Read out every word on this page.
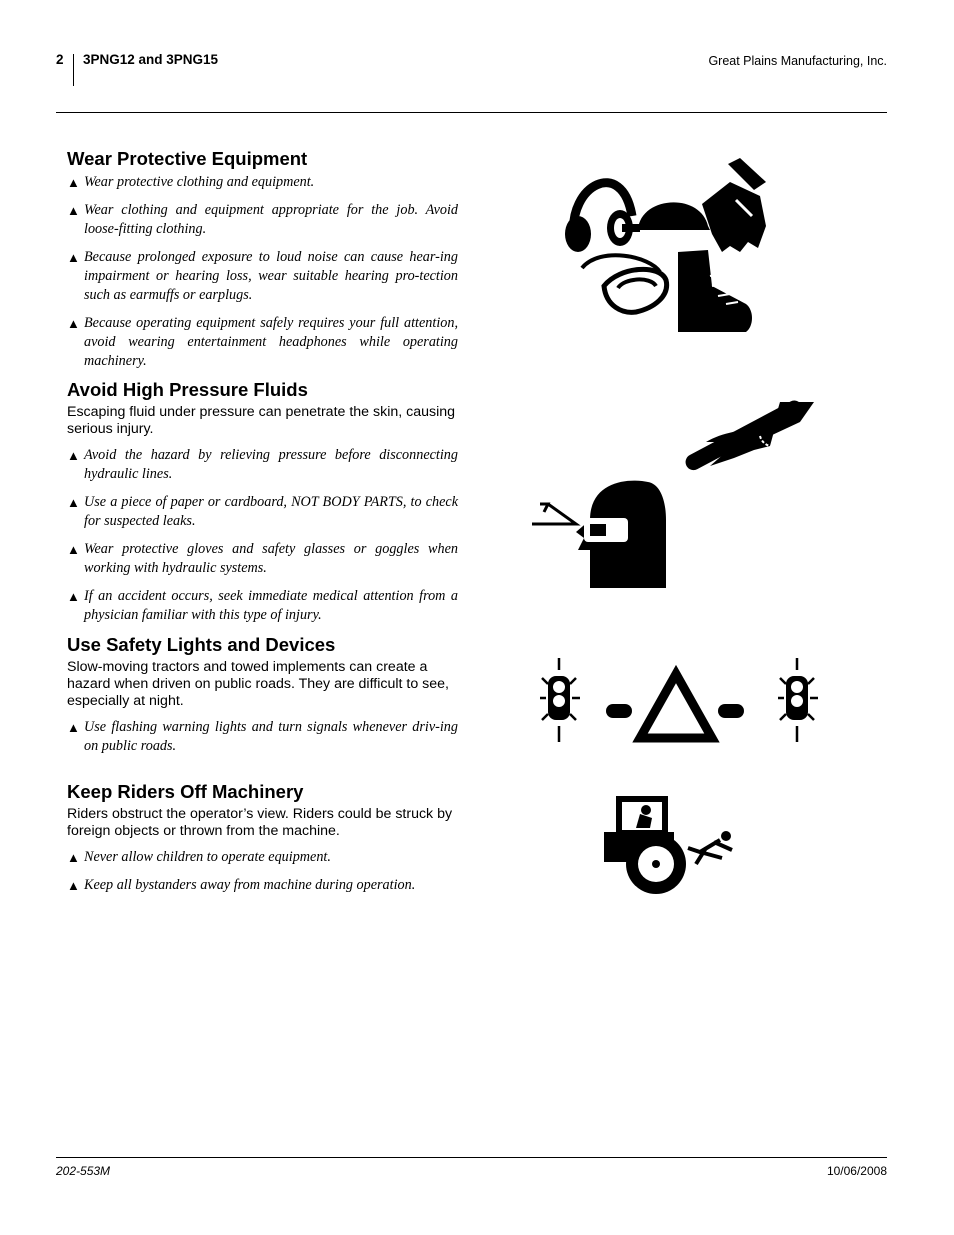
2 3PNG12 and 3PNG15	Great Plains Manufacturing, Inc.
Wear Protective Equipment
▲ Wear protective clothing and equipment.
▲ Wear clothing and equipment appropriate for the job. Avoid loose-fitting clothing.
▲ Because prolonged exposure to loud noise can cause hear-ing impairment or hearing loss, wear suitable hearing pro-tection such as earmuffs or earplugs.
▲ Because operating equipment safely requires your full attention, avoid wearing entertainment headphones while operating machinery.
Avoid High Pressure Fluids

Escaping fluid under pressure can penetrate the skin, causing serious injury.

▲ Avoid the hazard by relieving pressure before disconnecting hydraulic lines.
▲ Use a piece of paper or cardboard, NOT BODY PARTS, to check for suspected leaks.
▲ Wear protective gloves and safety glasses or goggles when working with hydraulic systems.
▲ If an accident occurs, seek immediate medical attention from a physician familiar with this type of injury.
Use Safety Lights and Devices

Slow-moving tractors and towed implements can create a hazard when driven on public roads. They are difficult to see, especially at night.

▲ Use flashing warning lights and turn signals whenever driv-ing on public roads.
Keep Riders Off Machinery

Riders obstruct the operator’s view. Riders could be struck by foreign objects or thrown from the machine.

▲ Never allow children to operate equipment.
▲ Keep all bystanders away from machine during operation.
202-553M	10/06/2008
